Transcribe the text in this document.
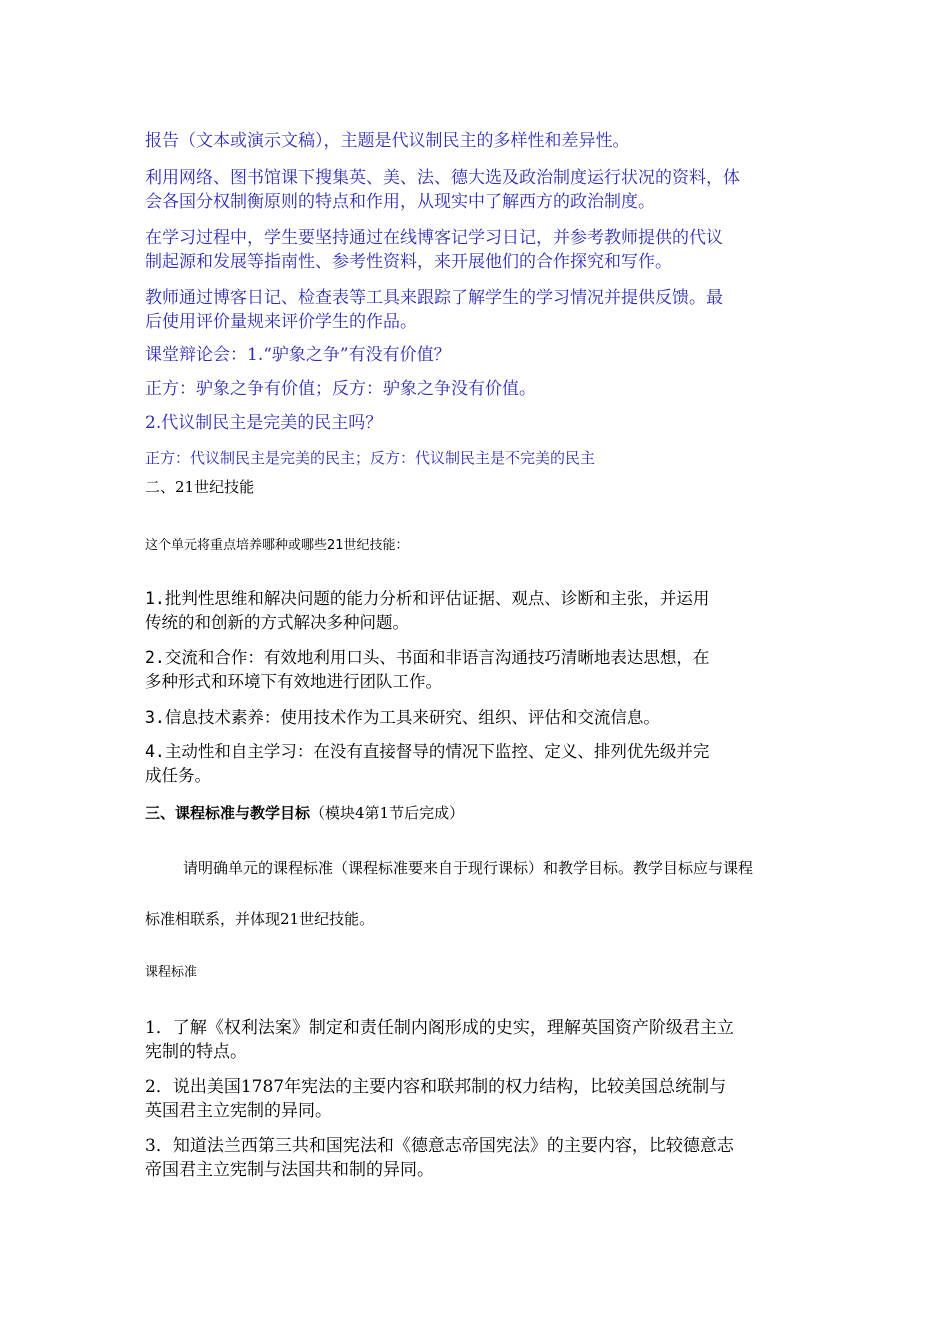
报告（文本或演示文稿），主题是代议制民主的多样性和差异性。

利用网络、图书馆课下搜集英、美、法、德大选及政治制度运行状况的资料，体

会各国分权制衡原则的特点和作用，从现实中了解西方的政治制度。

在学习过程中，学生要坚持通过在线博客记学习日记，并参考教师提供的代议

制起源和发展等指南性、参考性资料，来开展他们的合作探究和写作。

教师通过博客日记、检查表等工具来跟踪了解学生的学习情况并提供反馈。最

后使用评价量规来评价学生的作品。

课堂辩论会：1.“驴象之争”有没有价值？

正方：驴象之争有价值；反方：驴象之争没有价值。

2.代议制民主是完美的民主吗？

正方：代议制民主是完美的民主；反方：代议制民主是不完美的民主

二、21世纪技能

这个单元将重点培养哪种或哪些21世纪技能：

1.批判性思维和解决问题的能力分析和评估证据、观点、诊断和主张，并运用

传统的和创新的方式解决多种问题。

2.交流和合作：有效地利用口头、书面和非语言沟通技巧清晰地表达思想，在

多种形式和环境下有效地进行团队工作。

3.信息技术素养：使用技术作为工具来研究、组织、评估和交流信息。

4.主动性和自主学习：在没有直接督导的情况下监控、定义、排列优先级并完

成任务。

三、课程标准与教学目标（模块4第1节后完成）

请明确单元的课程标准（课程标准要来自于现行课标）和教学目标。教学目标应与课程

标准相联系，并体现21世纪技能。

课程标准

1．了解《权利法案》制定和责任制内阁形成的史实，理解英国资产阶级君主立

宪制的特点。

2．说出美国1787年宪法的主要内容和联邦制的权力结构，比较美国总统制与

英国君主立宪制的异同。

3．知道法兰西第三共和国宪法和《德意志帝国宪法》的主要内容，比较德意志

帝国君主立宪制与法国共和制的异同。
